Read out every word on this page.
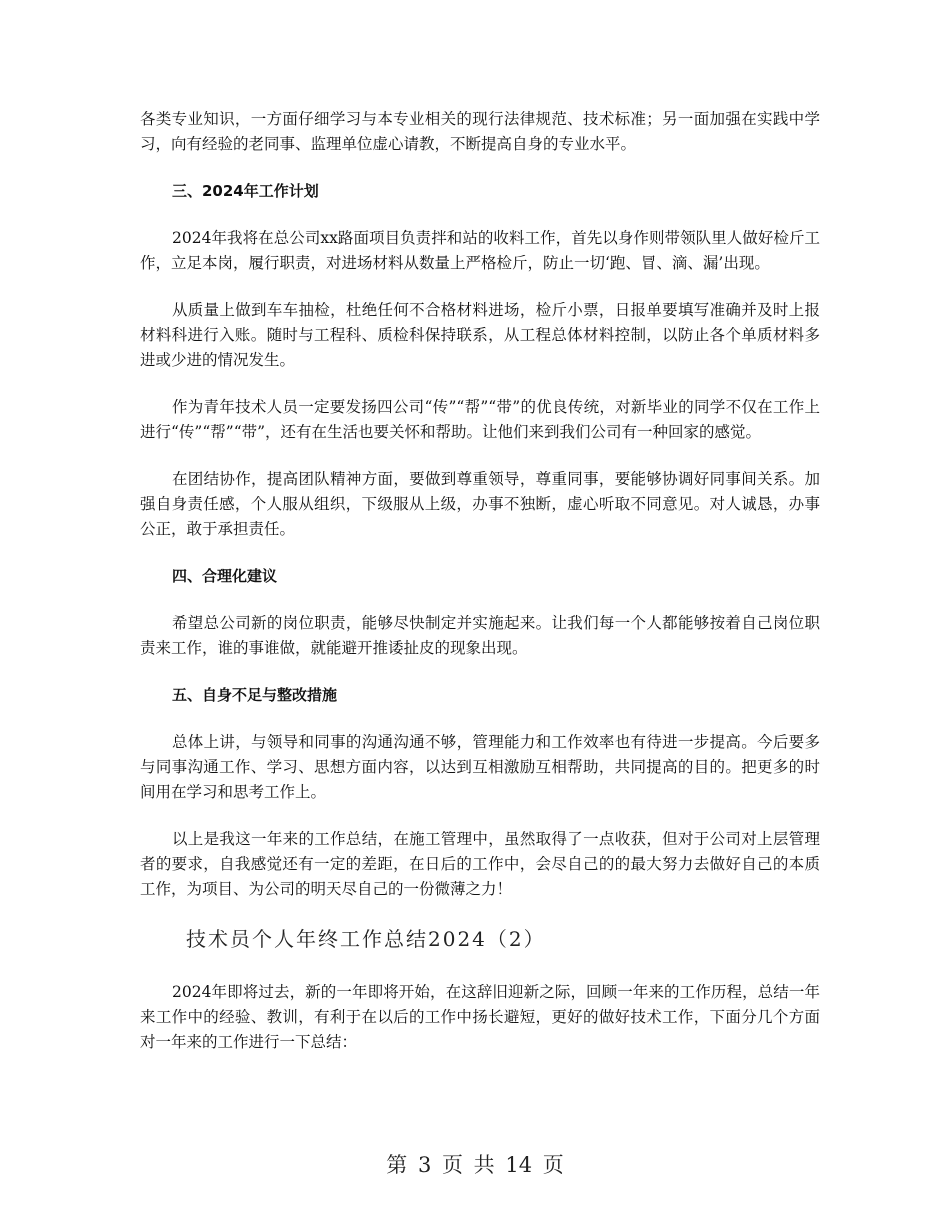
各类专业知识，一方面仔细学习与本专业相关的现行法律规范、技术标准；另一面加强在实践中学习，向有经验的老同事、监理单位虚心请教，不断提高自身的专业水平。

三、2024年工作计划

2024年我将在总公司xx路面项目负责拌和站的收料工作，首先以身作则带领队里人做好检斤工作，立足本岗，履行职责，对进场材料从数量上严格检斤，防止一切‘跑、冒、滴、漏’出现。

从质量上做到车车抽检，杜绝任何不合格材料进场，检斤小票，日报单要填写准确并及时上报材料科进行入账。随时与工程科、质检科保持联系，从工程总体材料控制，以防止各个单质材料多进或少进的情况发生。

作为青年技术人员一定要发扬四公司“传”“帮”“带”的优良传统，对新毕业的同学不仅在工作上进行“传”“帮”“带”，还有在生活也要关怀和帮助。让他们来到我们公司有一种回家的感觉。

在团结协作，提高团队精神方面，要做到尊重领导，尊重同事，要能够协调好同事间关系。加强自身责任感，个人服从组织，下级服从上级，办事不独断，虚心听取不同意见。对人诚恳，办事公正，敢于承担责任。

四、合理化建议

希望总公司新的岗位职责，能够尽快制定并实施起来。让我们每一个人都能够按着自己岗位职责来工作，谁的事谁做，就能避开推诿扯皮的现象出现。

五、自身不足与整改措施

总体上讲，与领导和同事的沟通沟通不够，管理能力和工作效率也有待进一步提高。今后要多与同事沟通工作、学习、思想方面内容，以达到互相激励互相帮助，共同提高的目的。把更多的时间用在学习和思考工作上。

以上是我这一年来的工作总结，在施工管理中，虽然取得了一点收获，但对于公司对上层管理者的要求，自我感觉还有一定的差距，在日后的工作中，会尽自己的的最大努力去做好自己的本质工作，为项目、为公司的明天尽自己的一份微薄之力！

技术员个人年终工作总结2024（2）

2024年即将过去，新的一年即将开始，在这辞旧迎新之际，回顾一年来的工作历程，总结一年来工作中的经验、教训，有利于在以后的工作中扬长避短，更好的做好技术工作，下面分几个方面对一年来的工作进行一下总结：

第 3 页 共 14 页
